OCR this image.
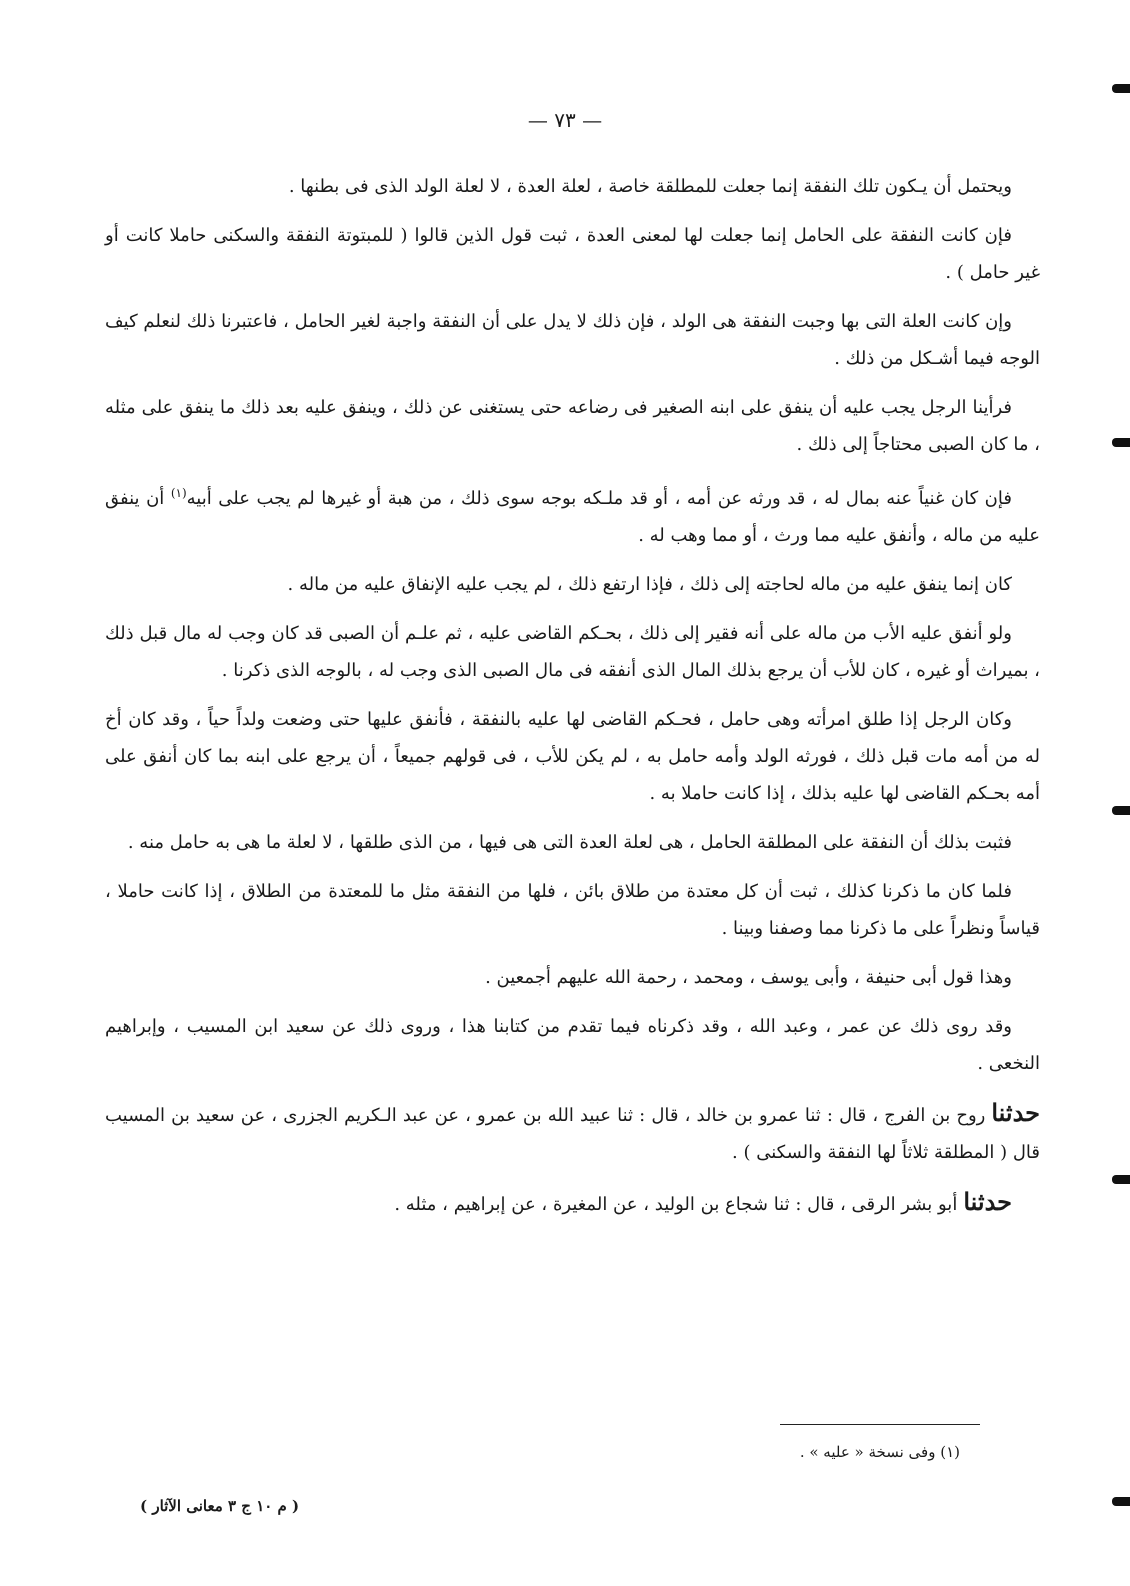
— ٧٣ —

ويحتمل أن يـكون تلك النفقة إنما جعلت للمطلقة خاصة ، لعلة العدة ، لا لعلة الولد الذى فى بطنها .

فإن كانت النفقة على الحامل إنما جعلت لها لمعنى العدة ، ثبت قول الذين قالوا ( للمبتوتة النفقة والسكنى حاملا كانت أو غير حامل ) .

وإن كانت العلة التى بها وجبت النفقة هى الولد ، فإن ذلك لا يدل على أن النفقة واجبة لغير الحامل ، فاعتبرنا ذلك لنعلم كيف الوجه فيما أشـكل من ذلك .

فرأينا الرجل يجب عليه أن ينفق على ابنه الصغير فى رضاعه حتى يستغنى عن ذلك ، وينفق عليه بعد ذلك ما ينفق على مثله ، ما كان الصبى محتاجاً إلى ذلك .

فإن كان غنياً عنه بمال له ، قد ورثه عن أمه ، أو قد ملـكه بوجه سوى ذلك ، من هبة أو غيرها لم يجب على أبيه$^{(١)}$ أن ينفق عليه من ماله ، وأنفق عليه مما ورث ، أو مما وهب له .

كان إنما ينفق عليه من ماله لحاجته إلى ذلك ، فإذا ارتفع ذلك ، لم يجب عليه الإنفاق عليه من ماله .

ولو أنفق عليه الأب من ماله على أنه فقير إلى ذلك ، بحـكم القاضى عليه ، ثم علـم أن الصبى قد كان وجب له مال قبل ذلك ، بميراث أو غيره ، كان للأب أن يرجع بذلك المال الذى أنفقه فى مال الصبى الذى وجب له ، بالوجه الذى ذكرنا .

وكان الرجل إذا طلق امرأته وهى حامل ، فحـكم القاضى لها عليه بالنفقة ، فأنفق عليها حتى وضعت ولداً حياً ، وقد كان أخ له من أمه مات قبل ذلك ، فورثه الولد وأمه حامل به ، لم يكن للأب ، فى قولهم جميعاً ، أن يرجع على ابنه بما كان أنفق على أمه بحـكم القاضى لها عليه بذلك ، إذا كانت حاملا به .

فثبت بذلك أن النفقة على المطلقة الحامل ، هى لعلة العدة التى هى فيها ، من الذى طلقها ، لا لعلة ما هى به حامل منه .

فلما كان ما ذكرنا كذلك ، ثبت أن كل معتدة من طلاق بائن ، فلها من النفقة مثل ما للمعتدة من الطلاق ، إذا كانت حاملا ، قياساً ونظراً على ما ذكرنا مما وصفنا وبينا .

وهذا قول أبى حنيفة ، وأبى يوسف ، ومحمد ، رحمة الله عليهم أجمعين .

وقد روى ذلك عن عمر ، وعبد الله ، وقد ذكرناه فيما تقدم من كتابنا هذا ، وروى ذلك عن سعيد ابن المسيب ، وإبراهيم النخعى .

حدثناروح بن الفرج ، قال : ثنا عمرو بن خالد ، قال : ثنا عبيد الله بن عمرو ، عن عبد الـكريم الجزرى ، عن سعيد بن المسيب قال ( المطلقة ثلاثاً لها النفقة والسكنى ) .

حدثناأبو بشر الرقى ، قال : ثنا شجاع بن الوليد ، عن المغيرة ، عن إبراهيم ، مثله .

(١) وفى نسخة « عليه » .
( م ١٠ ج ٣ معانى الآثار )
